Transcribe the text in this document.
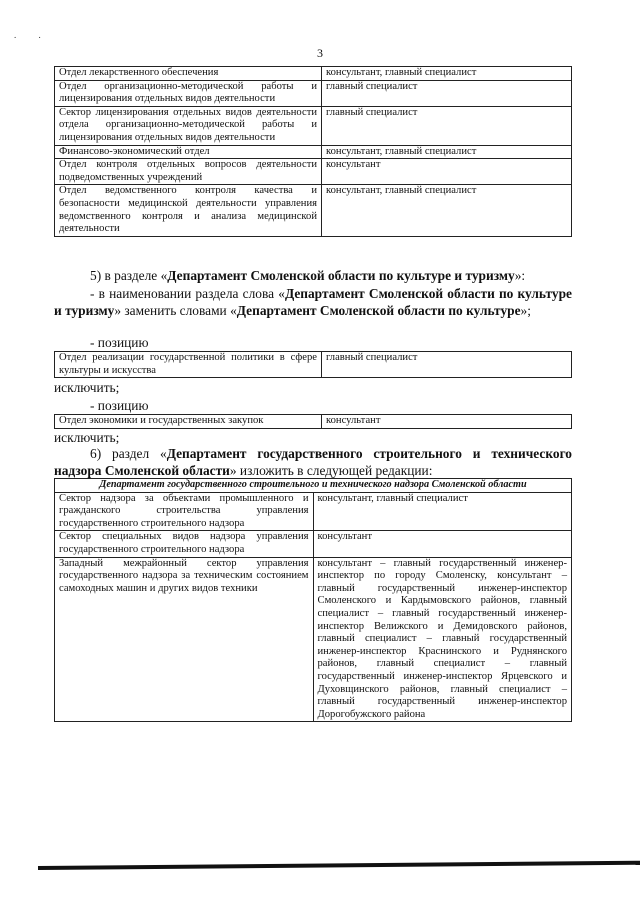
. .
3
Отдел лекарственного обеспечения	консультант, главный специалист
Отдел организационно-методической работы и лицензирования отдельных видов деятельности	главный специалист
Сектор лицензирования отдельных видов деятельности отдела организационно-методической работы и лицензирования отдельных видов деятельности	главный специалист
Финансово-экономический отдел	консультант, главный специалист
Отдел контроля отдельных вопросов деятельности подведомственных учреждений	консультант
Отдел ведомственного контроля качества и безопасности медицинской деятельности управления ведомственного контроля и анализа медицинской деятельности	консультант, главный специалист
5) в разделе «Департамент Смоленской области по культуре и туризму»:
- в наименовании раздела слова «Департамент Смоленской области по культуре и туризму» заменить словами «Департамент Смоленской области по культуре»;
- позицию
Отдел реализации государственной политики в сфере культуры и искусства	главный специалист
исключить;
- позицию
Отдел экономики и государственных закупок	консультант
исключить;
6) раздел «Департамент государственного строительного и технического надзора Смоленской области» изложить в следующей редакции:
Департамент государственного строительного и технического надзора Смоленской области	
Сектор надзора за объектами промышленного и гражданского строительства управления государственного строительного надзора	консультант, главный специалист
Сектор специальных видов надзора управления государственного строительного надзора	консультант
Западный межрайонный сектор управления государственного надзора за техническим состоянием самоходных машин и других видов техники	консультант – главный государственный инженер-инспектор по городу Смоленску, консультант – главный государственный инженер-инспектор Смоленского и Кардымовского районов, главный специалист – главный государственный инженер-инспектор Велижского и Демидовского районов, главный специалист – главный государственный инженер-инспектор Краснинского и Руднянского районов, главный специалист – главный государственный инженер-инспектор Ярцевского и Духовщинского районов, главный специалист – главный государственный инженер-инспектор Дорогобужского района
